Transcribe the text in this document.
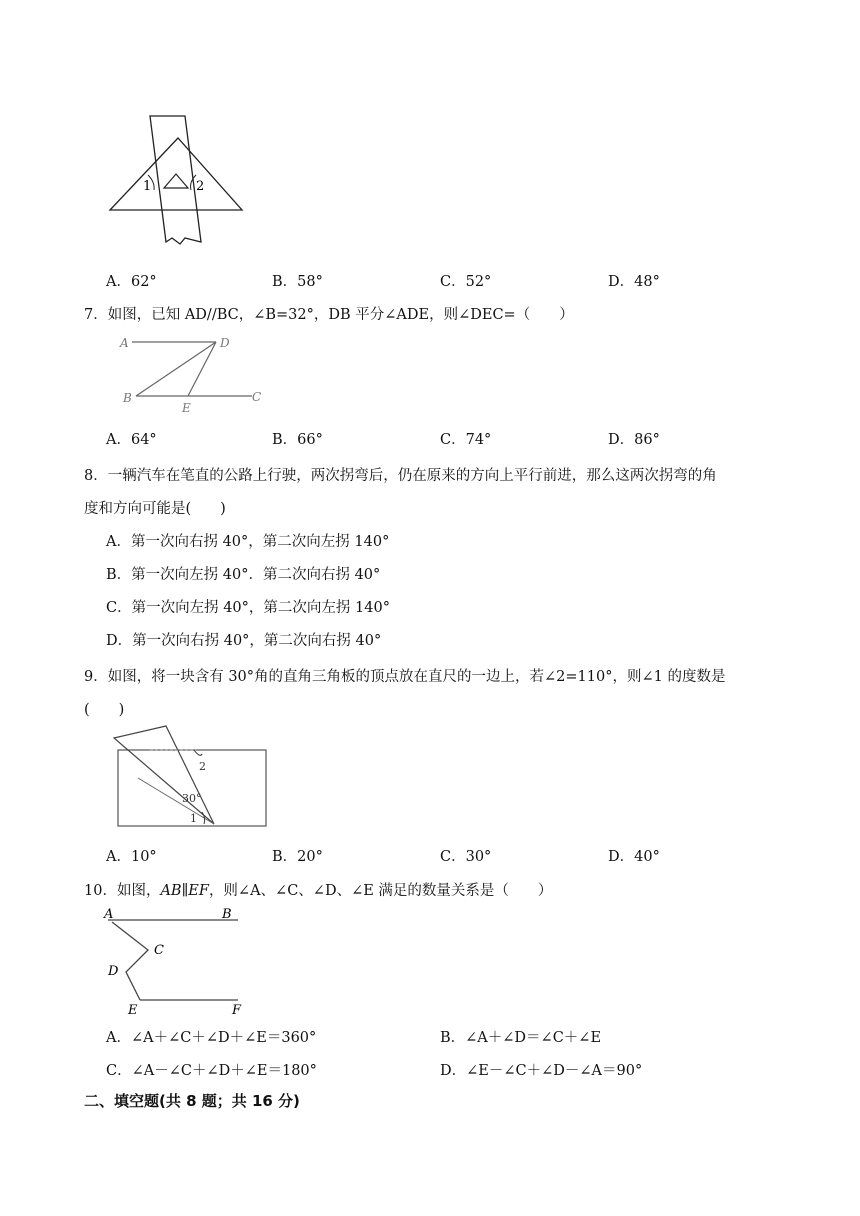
1	2
A．62°	B．58°	C．52°	D．48°
7．如图，已知 AD//BC，∠B=32°，DB 平分∠ADE，则∠DEC=（　　）
A	D
B
E
C
A．64°	B．66°	C．74°	D．86°
8．一辆汽车在笔直的公路上行驶，两次拐弯后，仍在原来的方向上平行前进，那么这两次拐弯的角
度和方向可能是(　　)
A．第一次向右拐 40°，第二次向左拐 140°
B．第一次向左拐 40°．第二次向右拐 40°
C．第一次向左拐 40°，第二次向左拐 140°
D．第一次向右拐 40°，第二次向右拐 40°
9．如图，将一块含有 30°角的直角三角板的顶点放在直尺的一边上，若∠2=110°，则∠1 的度数是
(　　)
2
30°
1
A．10°	B．20°	C．30°	D．40°
10．如图，AB∥EF，则∠A、∠C、∠D、∠E 满足的数量关系是（　　）
A	B
C
D
E	F
A．∠A＋∠C＋∠D＋∠E＝360°	B．∠A＋∠D＝∠C＋∠E
C．∠A－∠C＋∠D＋∠E＝180°	D．∠E－∠C＋∠D－∠A＝90°
二、填空题(共 8 题；共 16 分)
